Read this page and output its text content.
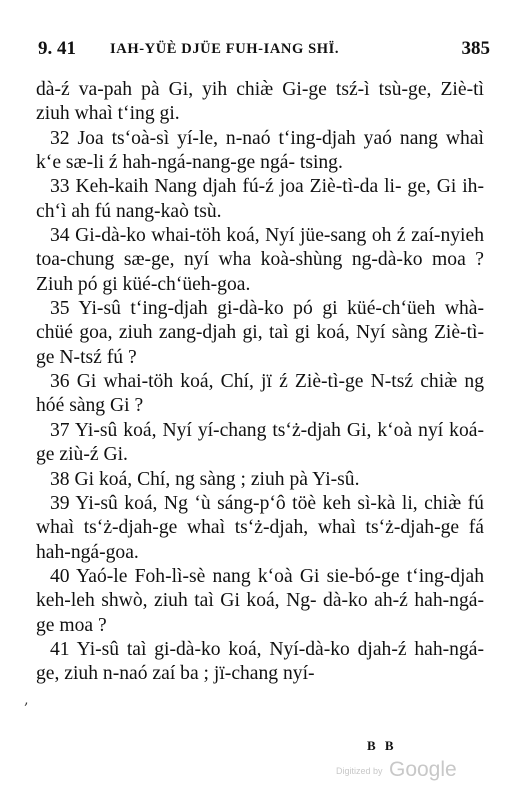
9. 41 IAH-YÜÈ DJÜE FUH-IANG SHÏ.	385

dà-ź va-pah pà Gi, yih chiæ̀ Gi-ge tsź-ì tsù-ge, Ziè-tì ziuh whaì t‘ing gi.

32 Joa ts‘oà-sì yí-le, n-naó t‘ing-djah yaó nang whaì k‘e sæ-li ź hah-ngá-nang-ge ngá- tsing.

33 Keh-kaih Nang djah fú-ź joa Ziè-tì-da li- ge, Gi ih-ch‘ì ah fú nang-kaò tsù.

34 Gi-dà-ko whai-töh koá, Nyí jüe-sang oh ź zaí-nyieh toa-chung sæ-ge, nyí wha koà-shùng ng-dà-ko moa ? Ziuh pó gi küé-ch‘üeh-goa.

35 Yi-sû t‘ing-djah gi-dà-ko pó gi küé-ch‘üeh whà-chüé goa, ziuh zang-djah gi, taì gi koá, Nyí sàng Ziè-tì-ge N-tsź fú ?

36 Gi whai-töh koá, Chí, jï ź Ziè-tì-ge N-tsź chiæ̀ ng hóé sàng Gi ?

37 Yi-sû koá, Nyí yí-chang ts‘ż-djah Gi, k‘oà nyí koá-ge ziù-ź Gi.

38 Gi koá, Chí, ng sàng ; ziuh pà Yi-sû.

39 Yi-sû koá, Ng ‘ù sáng-p‘ô töè keh sì-kà li, chiæ̀ fú whaì ts‘ż-djah-ge whaì ts‘ż-djah, whaì ts‘ż-djah-ge fá hah-ngá-goa.

40 Yaó-le Foh-lì-sè nang k‘oà Gi sie-bó-ge t‘ing-djah keh-leh shwò, ziuh taì Gi koá, Ng- dà-ko ah-ź hah-ngá-ge moa ?

41 Yi-sû taì gi-dà-ko koá, Nyí-dà-ko djah-ź hah-ngá-ge, ziuh n-naó zaí ba ; jï-chang nyí-

‚
B B
Digitized by Google
